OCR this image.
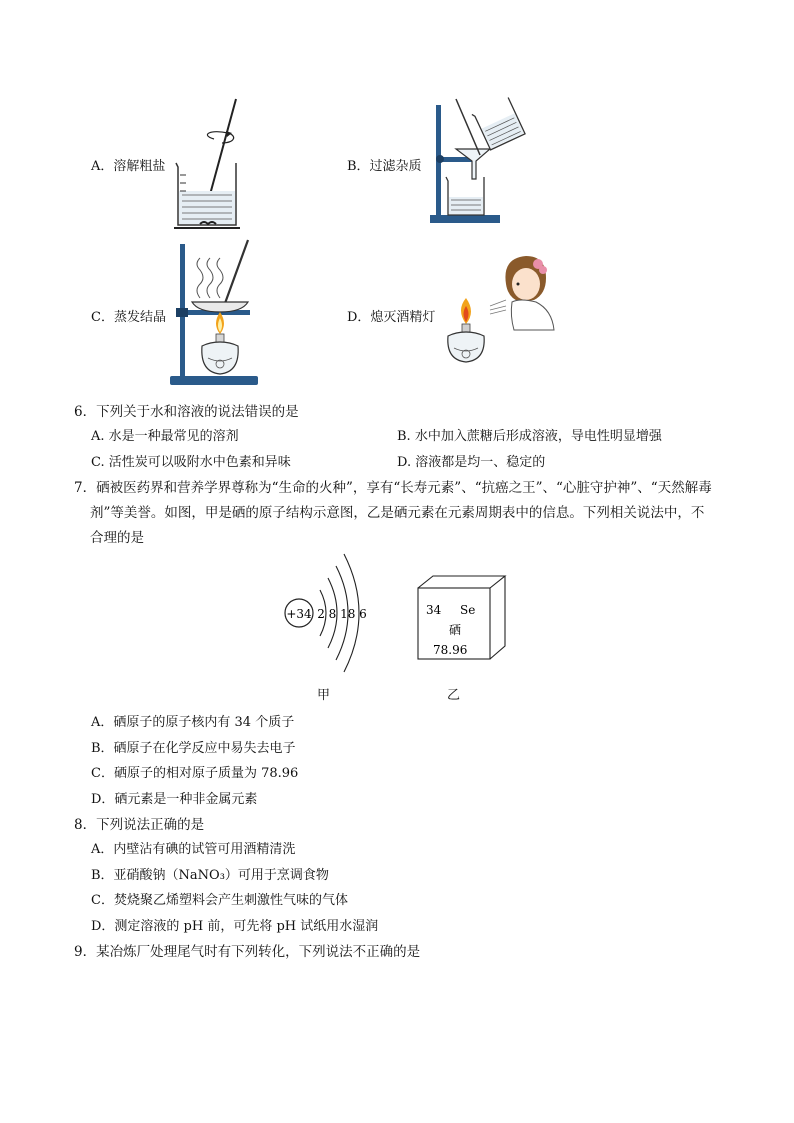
A．溶解粗盐	B．过滤杂质
C．蒸发结晶	D．熄灭酒精灯
6．下列关于水和溶液的说法错误的是
A. 水是一种最常见的溶剂	B. 水中加入蔗糖后形成溶液，导电性明显增强
C. 活性炭可以吸附水中色素和异味	D. 溶液都是均一、稳定的
7．硒被医药界和营养学界尊称为“生命的火种”，享有“长寿元素”、“抗癌之王”、“心脏守护神”、“天然解毒
剂”等美誉。如图，甲是硒的原子结构示意图，乙是硒元素在元素周期表中的信息。下列相关说法中，不
合理的是
+34 2 8 18 6
甲
34 Se
硒
78.96
乙
A．硒原子的原子核内有 34 个质子
B．硒原子在化学反应中易失去电子
C．硒原子的相对原子质量为 78.96
D．硒元素是一种非金属元素
8．下列说法正确的是
A．内壁沾有碘的试管可用酒精清洗
B．亚硝酸钠（NaNO₃）可用于烹调食物
C．焚烧聚乙烯塑料会产生刺激性气味的气体
D．测定溶液的 pH 前，可先将 pH 试纸用水湿润
9．某冶炼厂处理尾气时有下列转化，下列说法不正确的是
